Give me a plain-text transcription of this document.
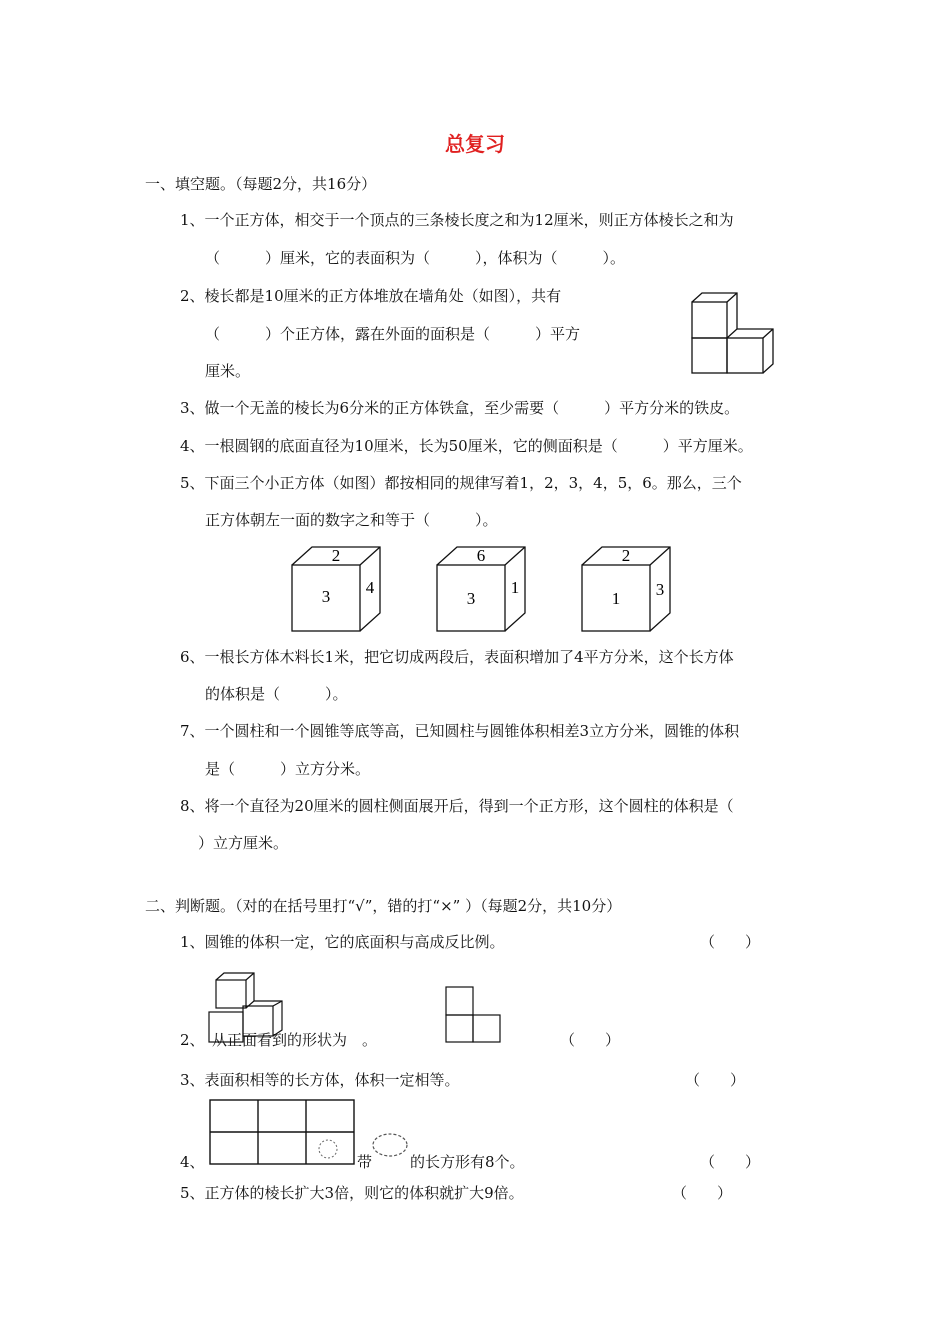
总复习
一、填空题。（每题2分，共16分）
1、一个正方体，相交于一个顶点的三条棱长度之和为12厘米，则正方体棱长之和为
（　　　）厘米，它的表面积为（　　　），体积为（　　　）。
2、棱长都是10厘米的正方体堆放在墙角处（如图），共有
（　　　）个正方体，露在外面的面积是（　　　）平方
厘米。
3、做一个无盖的棱长为6分米的正方体铁盒，至少需要（　　　）平方分米的铁皮。
4、一根圆钢的底面直径为10厘米，长为50厘米，它的侧面积是（　　　）平方厘米。
5、下面三个小正方体（如图）都按相同的规律写着1，2，3，4，5，6。那么，三个
正方体朝左一面的数字之和等于（　　　）。
2
3 4
6
3
1
2
1 3
6、一根长方体木料长1米，把它切成两段后，表面积增加了4平方分米，这个长方体
的体积是（　　　）。
7、一个圆柱和一个圆锥等底等高，已知圆柱与圆锥体积相差3立方分米，圆锥的体积
是（　　　）立方分米。
8、将一个直径为20厘米的圆柱侧面展开后，得到一个正方形，这个圆柱的体积是（
）立方厘米。
二、判断题。（对的在括号里打“√”，错的打“×” ）（每题2分，共10分）
1、圆锥的体积一定，它的底面积与高成反比例。	（　　）
2、　从正面看到的形状为　。	（　　）
3、表面积相等的长方体，体积一定相等。	（　　）
4、	带	的长方形有8个。	（　　）
5、正方体的棱长扩大3倍，则它的体积就扩大9倍。	（　　）
